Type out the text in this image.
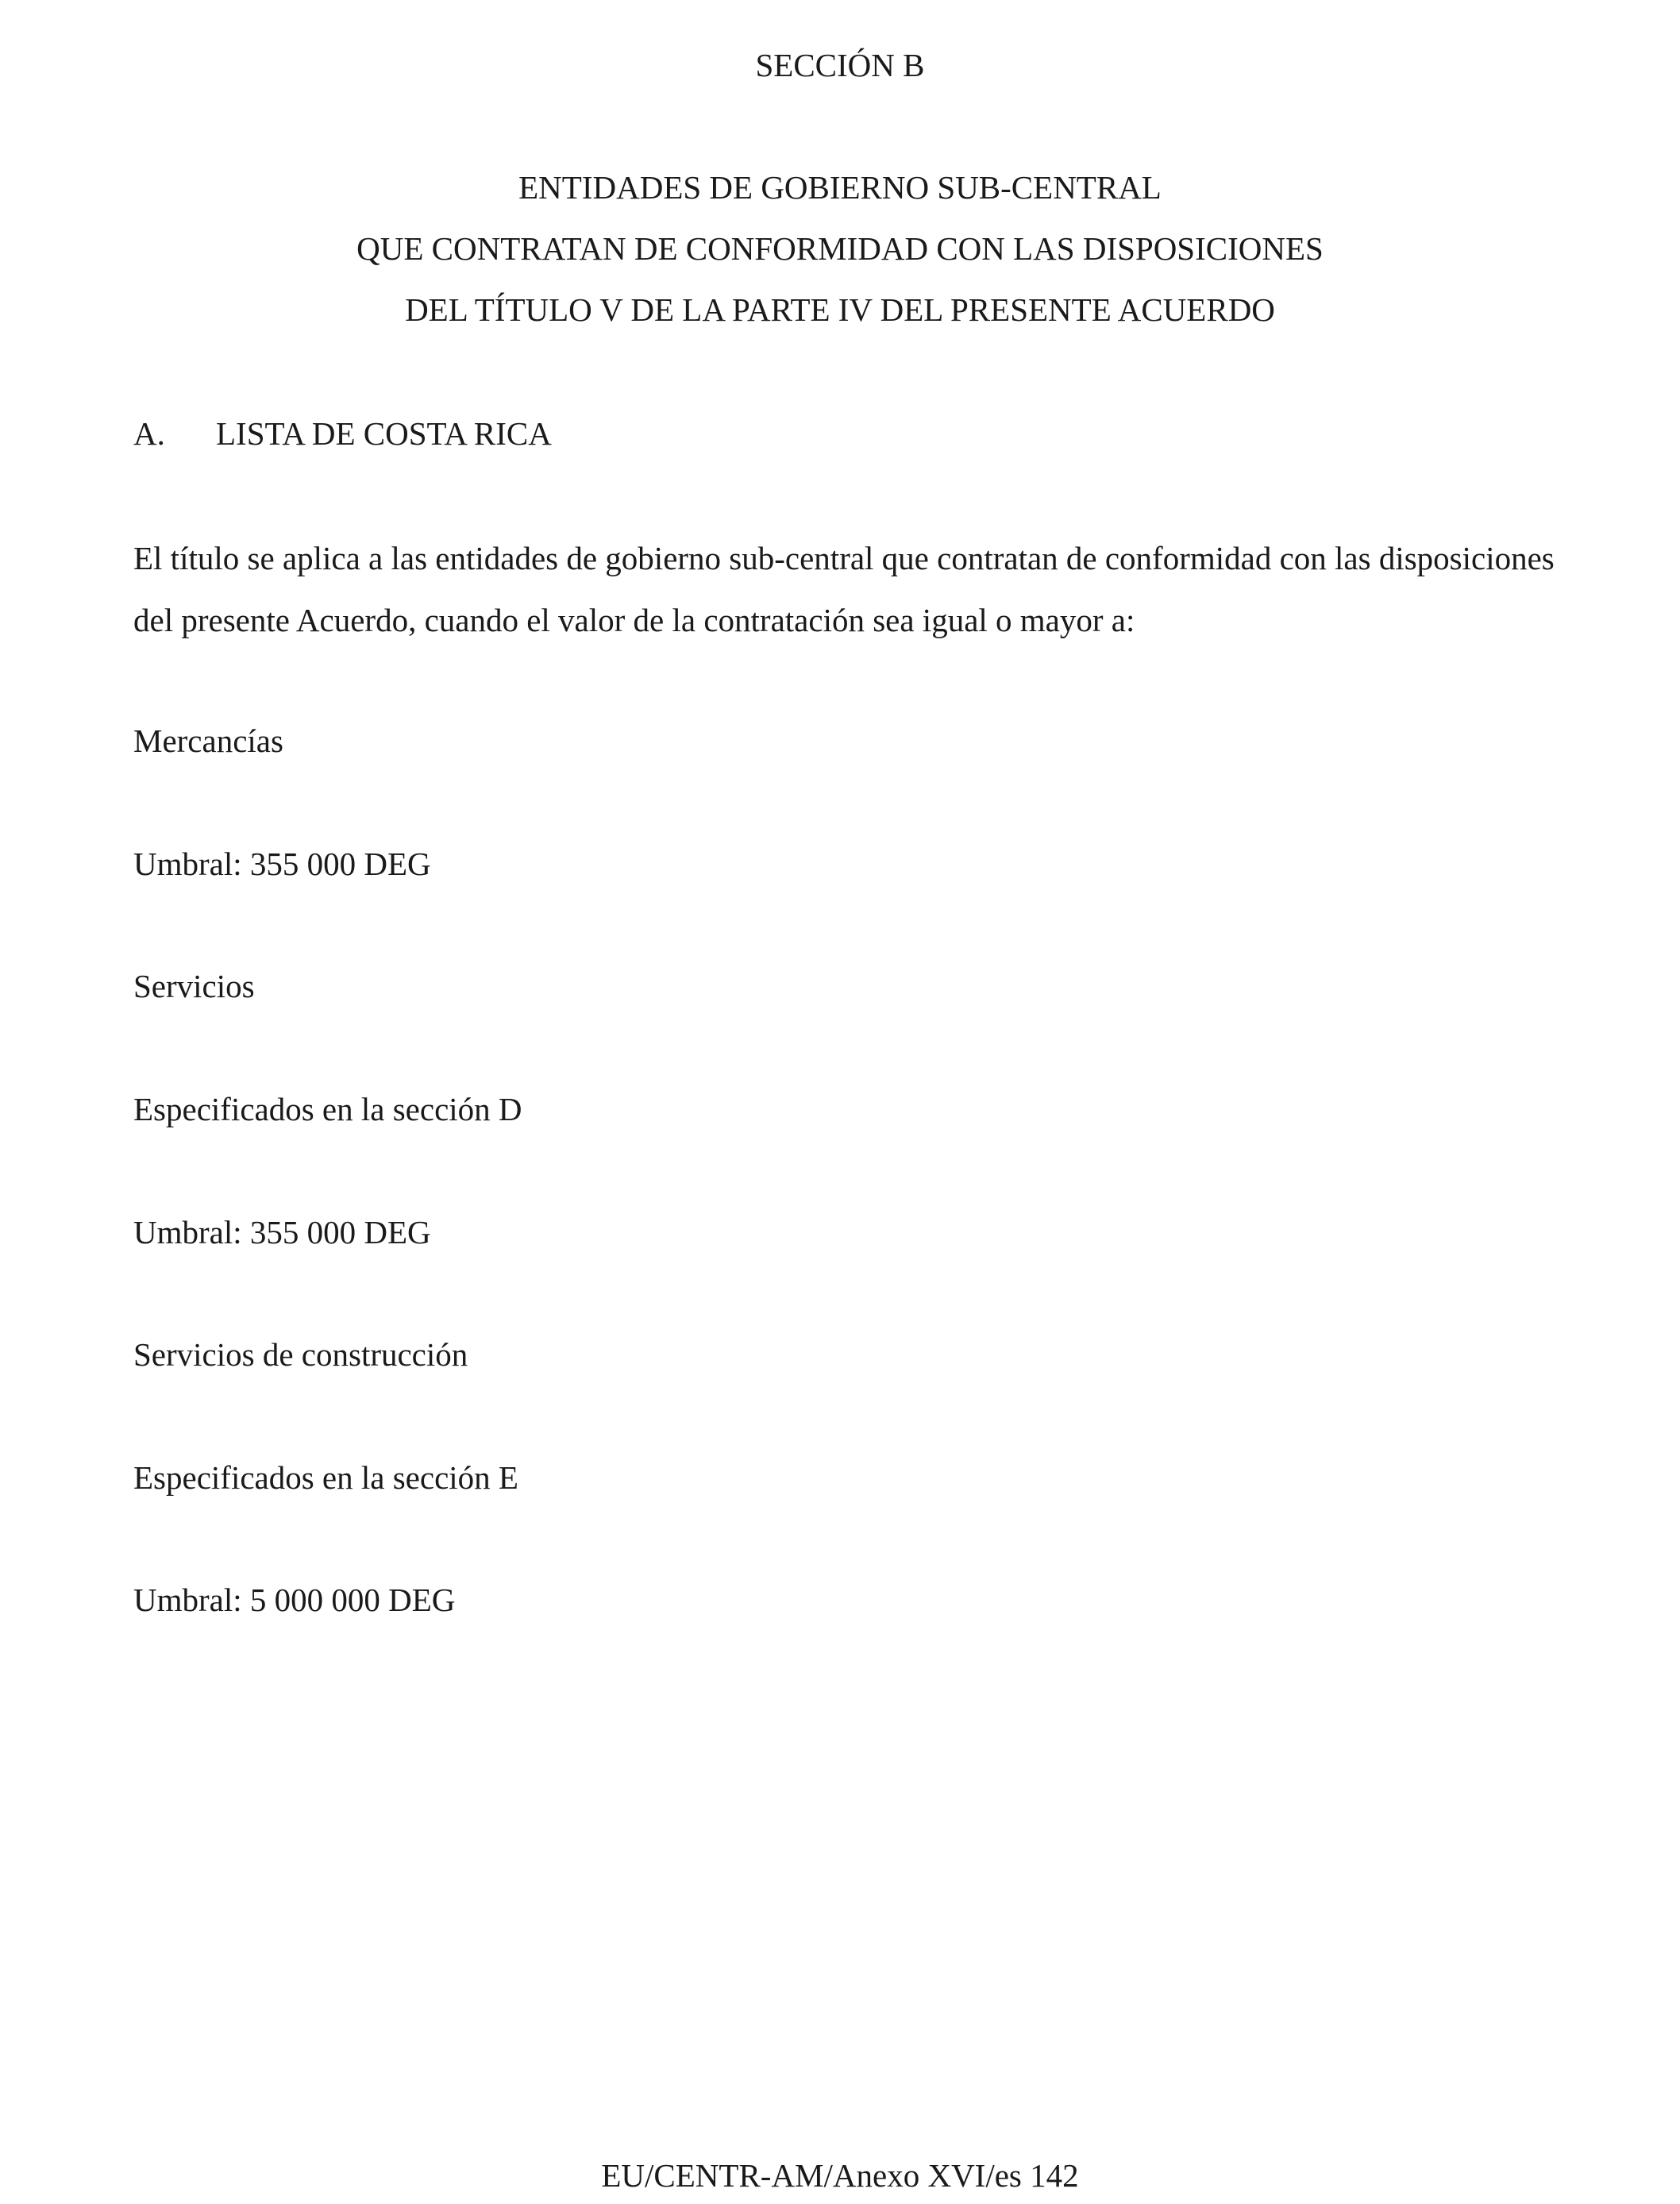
SECCIÓN B
ENTIDADES DE GOBIERNO SUB-CENTRAL
QUE CONTRATAN DE CONFORMIDAD CON LAS DISPOSICIONES
DEL TÍTULO V DE LA PARTE IV DEL PRESENTE ACUERDO
A. LISTA DE COSTA RICA
El título se aplica a las entidades de gobierno sub-central que contratan de conformidad con las disposiciones del presente Acuerdo, cuando el valor de la contratación sea igual o mayor a:
Mercancías
Umbral: 355 000 DEG
Servicios
Especificados en la sección D
Umbral: 355 000 DEG
Servicios de construcción
Especificados en la sección E
Umbral: 5 000 000 DEG
EU/CENTR-AM/Anexo XVI/es 142
